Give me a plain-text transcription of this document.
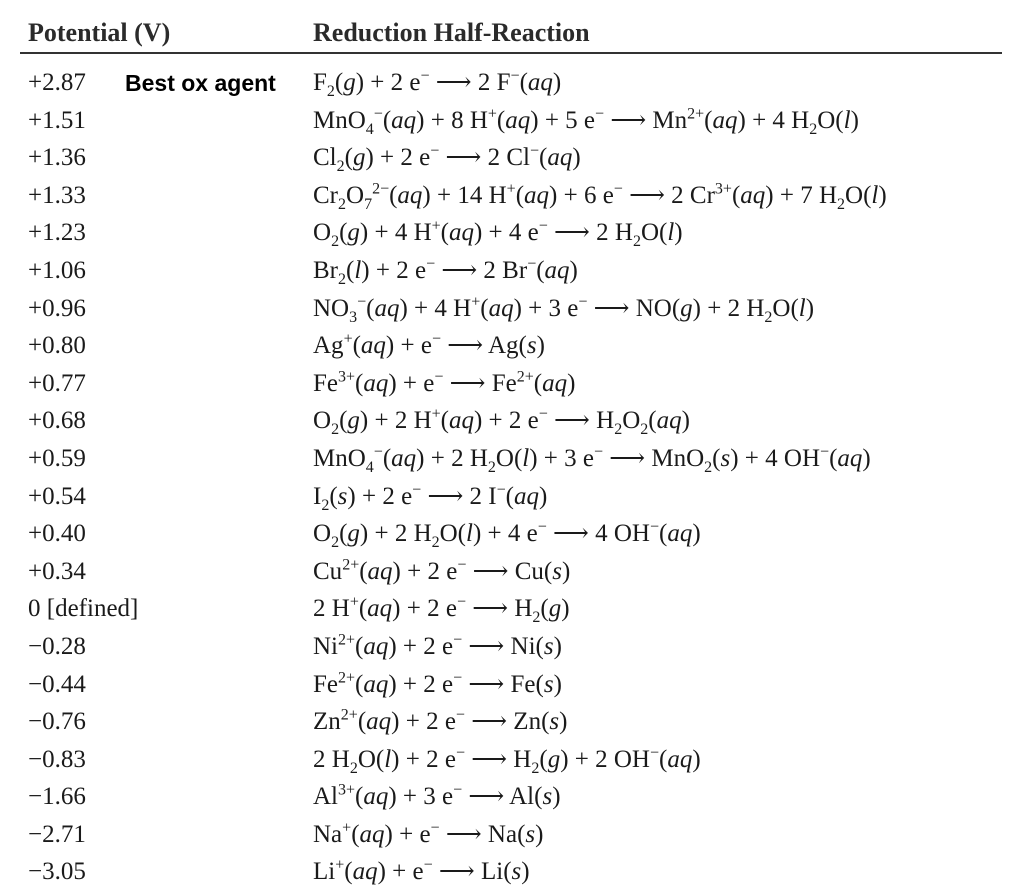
Potential (V)	Reduction Half-Reaction
+2.87	$F_2(g) + 2$ e− ⟶ 2 F−(aq)
+1.51	MnO$_4$−(aq) + 8 H+(aq) + 5 e− ⟶ $Mn^{2+}(aq) + 4$ $H_2O(l)$
+1.36	$Cl_2(g) + 2$ e− ⟶ 2 Cl−(aq)
+1.33	$Cr_2O_7^{2-}(aq) + 14$ H+(aq) + 6 e− ⟶ 2 $Cr^{3+}(aq) + 7$ $H_2O(l)$
+1.23	$O_2(g) + 4$ H+(aq) + 4 e− ⟶ 2 $H_2O(l)$
+1.06	$Br_2(l) + 2$ e− ⟶ 2 Br−(aq)
+0.96	$NO_3^-(aq) + 4$ H+(aq) + 3 e− ⟶ NO(g) + 2 $H_2O(l)$
+0.80	Ag+(aq) + e− ⟶ Ag(s)
+0.77	$Fe^{3+}(aq) + e^-$ ⟶ $Fe^{2+}(aq)$
+0.68	$O_2(g) + 2$ H+(aq) + 2 e− ⟶ $H_2O_2(aq)$
+0.59	MnO$_4$−(aq) + 2 $H_2O(l) + 3$ e− ⟶ MnO$_2$(s) + 4 OH−(aq)
+0.54	$I_2(s) + 2$ e− ⟶ 2 I−(aq)
+0.40	$O_2(g) + 2$ $H_2O(l) + 4$ e− ⟶ 4 OH−(aq)
+0.34	$Cu^{2+}(aq) + 2$ e− ⟶ Cu(s)
0 [defined]	2 H+(aq) + 2 e− ⟶ $H_2(g)$
−0.28	$Ni^{2+}(aq) + 2$ e− ⟶ Ni(s)
−0.44	$Fe^{2+}(aq) + 2$ e− ⟶ Fe(s)
−0.76	$Zn^{2+}(aq) + 2$ e− ⟶ Zn(s)
−0.83	2 $H_2O(l) + 2$ e− ⟶ $H_2(g) + 2$ OH−(aq)
−1.66	$Al^{3+}(aq) + 3$ e− ⟶ Al(s)
−2.71	Na+(aq) + e− ⟶ Na(s)
−3.05	Li+(aq) + e− ⟶ Li(s)
Best ox agent
